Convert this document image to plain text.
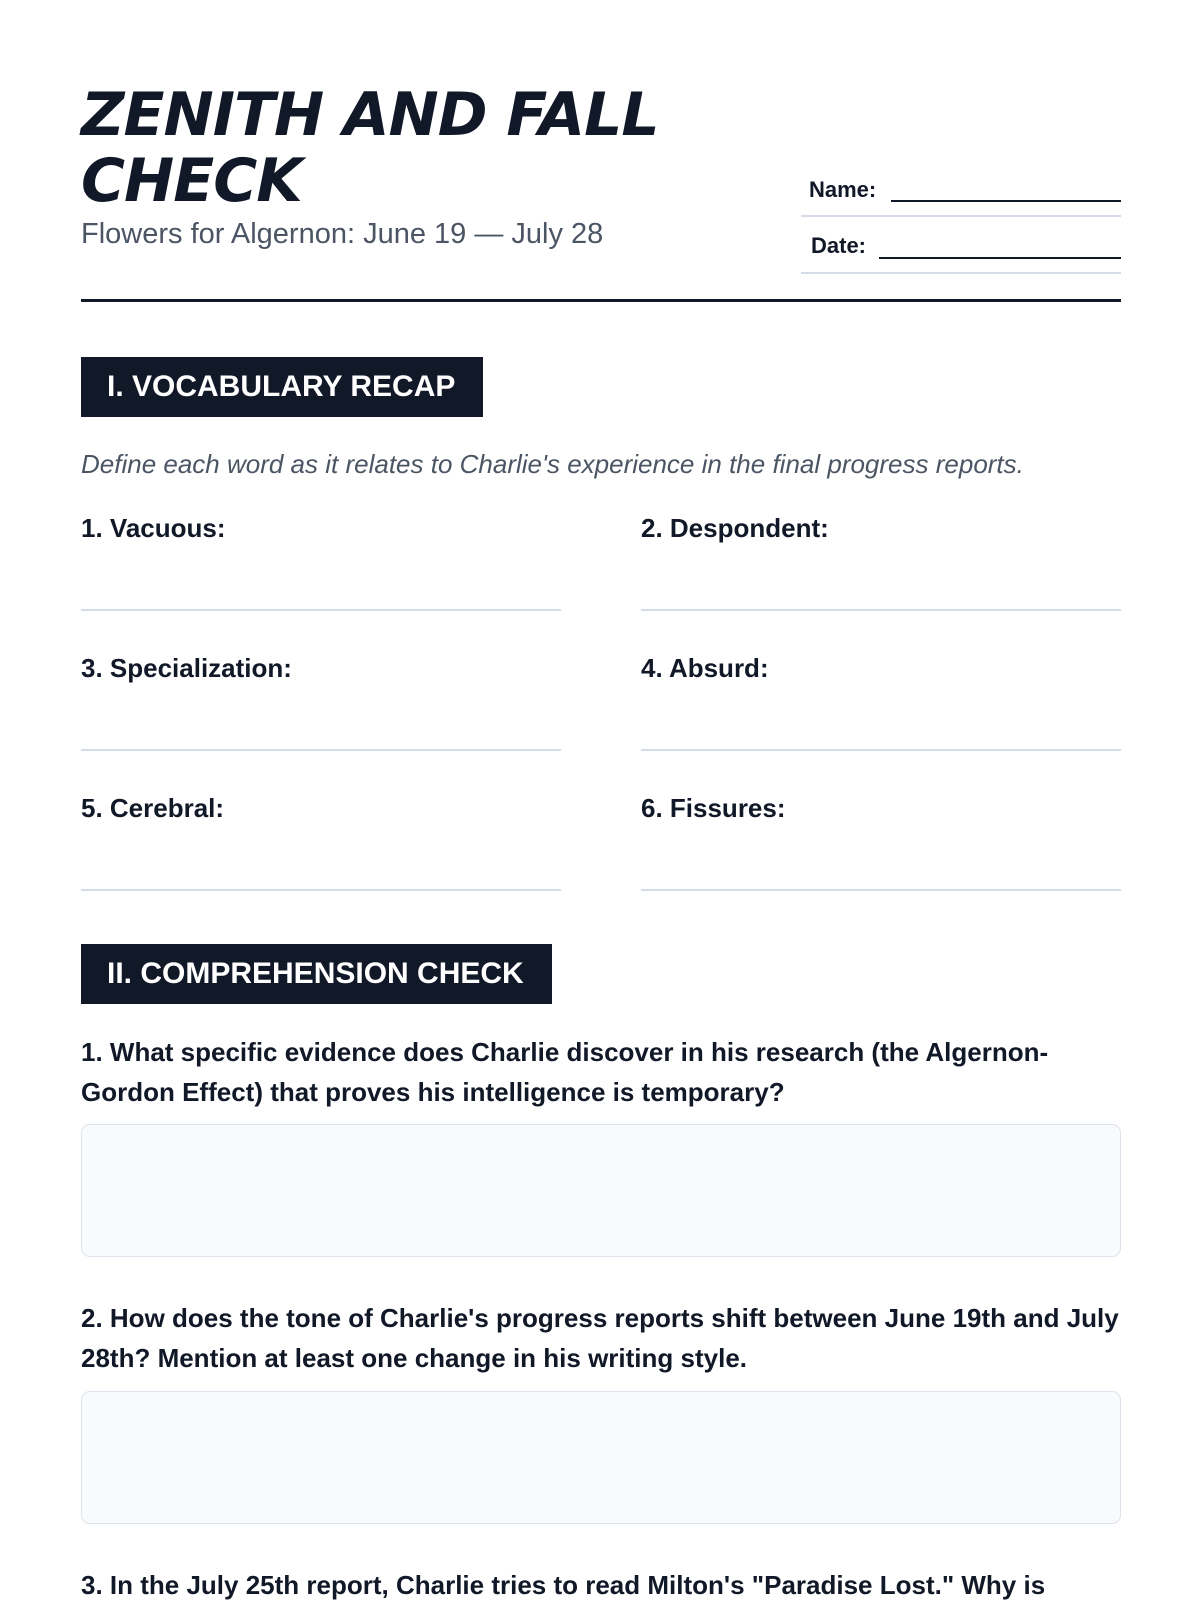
ZENITH AND FALL CHECK
Flowers for Algernon: June 19 — July 28
Name:
Date:
I. VOCABULARY RECAP
Define each word as it relates to Charlie's experience in the final progress reports.
1. Vacuous:	2. Despondent:
3. Specialization:	4. Absurd:
5. Cerebral:	6. Fissures:
II. COMPREHENSION CHECK

1. What specific evidence does Charlie discover in his research (the Algernon-Gordon Effect) that proves his intelligence is temporary?

2. How does the tone of Charlie's progress reports shift between June 19th and July 28th? Mention at least one change in his writing style.

3. In the July 25th report, Charlie tries to read Milton's "Paradise Lost." Why is
